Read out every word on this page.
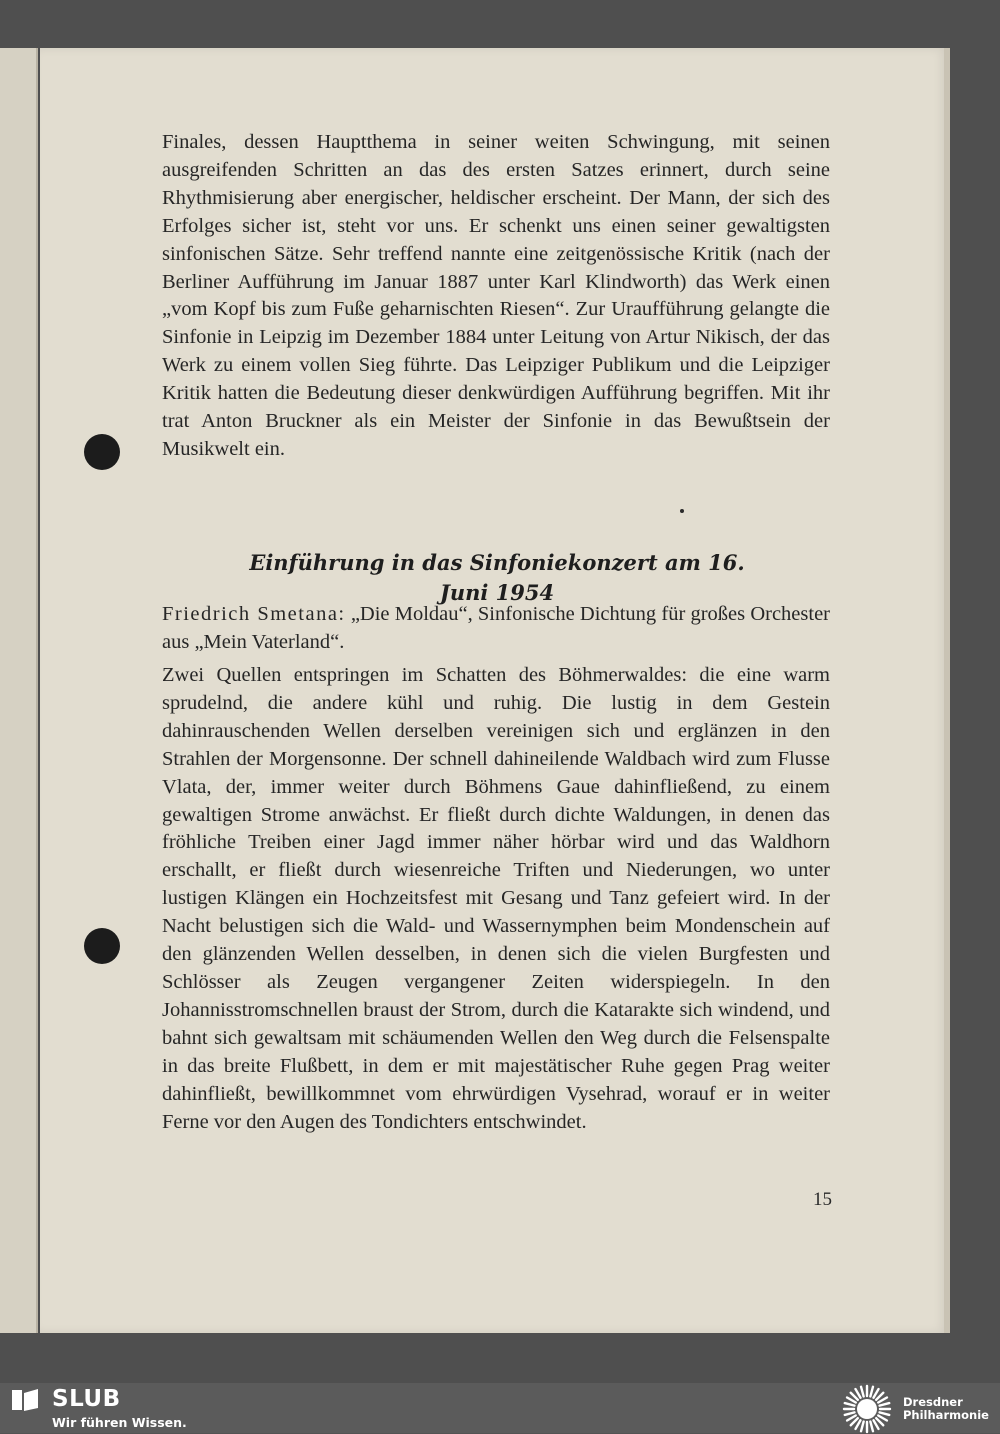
Finales, dessen Hauptthema in seiner weiten Schwingung, mit seinen ausgreifenden Schritten an das des ersten Satzes erinnert, durch seine Rhythmisierung aber energischer, heldischer erscheint. Der Mann, der sich des Erfolges sicher ist, steht vor uns. Er schenkt uns einen seiner gewaltigsten sinfonischen Sätze. Sehr treffend nannte eine zeitgenössische Kritik (nach der Berliner Aufführung im Januar 1887 unter Karl Klindworth) das Werk einen „vom Kopf bis zum Fuße geharnischten Riesen“. Zur Uraufführung gelangte die Sinfonie in Leipzig im Dezember 1884 unter Leitung von Artur Nikisch, der das Werk zu einem vollen Sieg führte. Das Leipziger Publikum und die Leipziger Kritik hatten die Bedeutung dieser denkwürdigen Aufführung begriffen. Mit ihr trat Anton Bruckner als ein Meister der Sinfonie in das Bewußtsein der Musikwelt ein.

Einführung in das Sinfoniekonzert am 16. Juni 1954

Friedrich Smetana: „Die Moldau“, Sinfonische Dichtung für großes Orchester aus „Mein Vaterland“.

Zwei Quellen entspringen im Schatten des Böhmerwaldes: die eine warm sprudelnd, die andere kühl und ruhig. Die lustig in dem Gestein dahinrauschenden Wellen derselben vereinigen sich und erglänzen in den Strahlen der Morgensonne. Der schnell dahineilende Waldbach wird zum Flusse Vlata, der, immer weiter durch Böhmens Gaue dahinfließend, zu einem gewaltigen Strome anwächst. Er fließt durch dichte Waldungen, in denen das fröhliche Treiben einer Jagd immer näher hörbar wird und das Waldhorn erschallt, er fließt durch wiesenreiche Triften und Niederungen, wo unter lustigen Klängen ein Hochzeitsfest mit Gesang und Tanz gefeiert wird. In der Nacht belustigen sich die Wald- und Wassernymphen beim Mondenschein auf den glänzenden Wellen desselben, in denen sich die vielen Burgfesten und Schlösser als Zeugen vergangener Zeiten widerspiegeln. In den Johannisstromschnellen braust der Strom, durch die Katarakte sich windend, und bahnt sich gewaltsam mit schäumenden Wellen den Weg durch die Felsenspalte in das breite Flußbett, in dem er mit majestätischer Ruhe gegen Prag weiter dahinfließt, bewillkommnet vom ehrwürdigen Vysehrad, worauf er in weiter Ferne vor den Augen des Tondichters entschwindet.

15
SLUB
Wir führen Wissen.
Dresdner
Philharmonie
